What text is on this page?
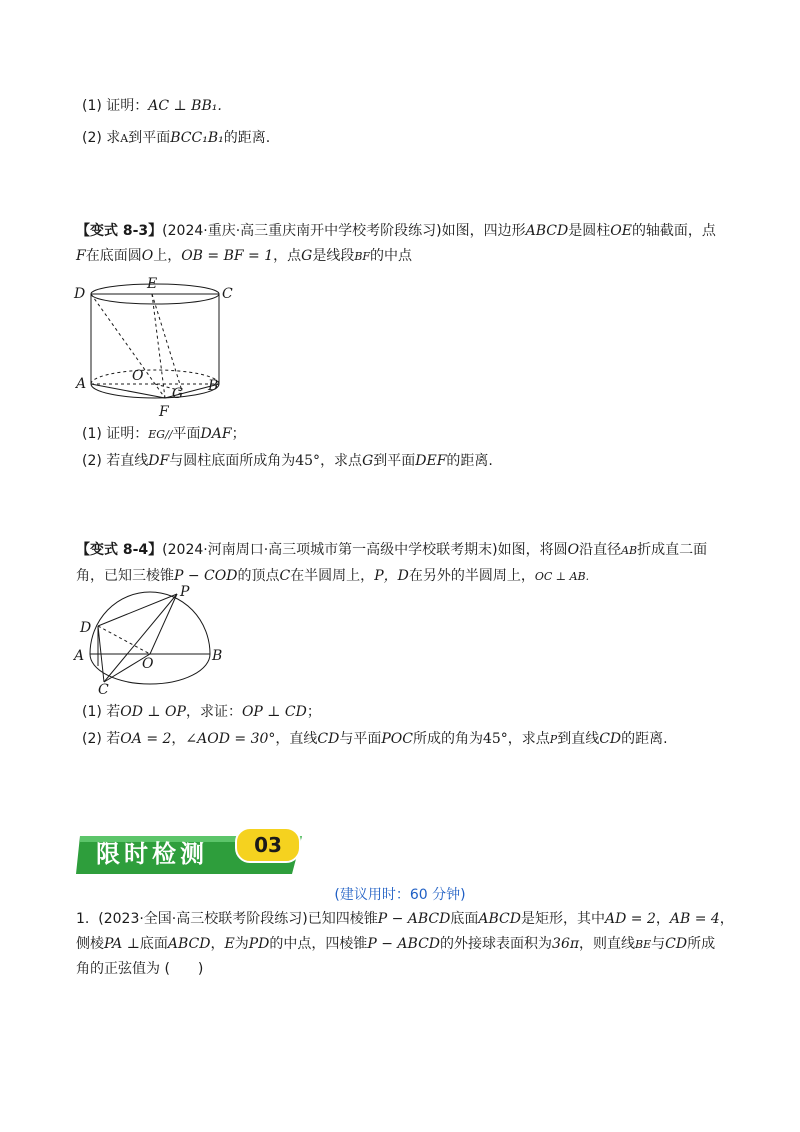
(1) 证明：AC ⊥ BB₁.
(2) 求A到平面BCC₁B₁的距离.
【变式 8-3】(2024·重庆·高三重庆南开中学校考阶段练习)如图，四边形ABCD是圆柱OE的轴截面，点
F在底面圆O上，OB = BF = 1，点G是线段BF的中点
D
E
C
O
A
G B
F
(1) 证明：EG//平面DAF；
(2) 若直线DF与圆柱底面所成角为45°，求点G到平面DEF的距离.
【变式 8-4】(2024·河南周口·高三项城市第一高级中学校联考期末)如图，将圆O沿直径AB折成直二面
角，已知三棱锥P − COD的顶点C在半圆周上，P，D在另外的半圆周上，OC ⊥ AB.
P
D
A	O	B
C
(1) 若OD ⊥ OP，求证：OP ⊥ CD；
(2) 若OA = 2，∠AOD = 30°，直线CD与平面POC所成的角为45°，求点P到直线CD的距离.
限时检测	03
(建议用时：60 分钟)
1. (2023·全国·高三校联考阶段练习)已知四棱锥P − ABCD底面ABCD是矩形，其中AD = 2，AB = 4，
侧棱PA ⊥底面ABCD，E为PD的中点，四棱锥P − ABCD的外接球表面积为36π，则直线BE与CD所成
角的正弦值为 (　　)
